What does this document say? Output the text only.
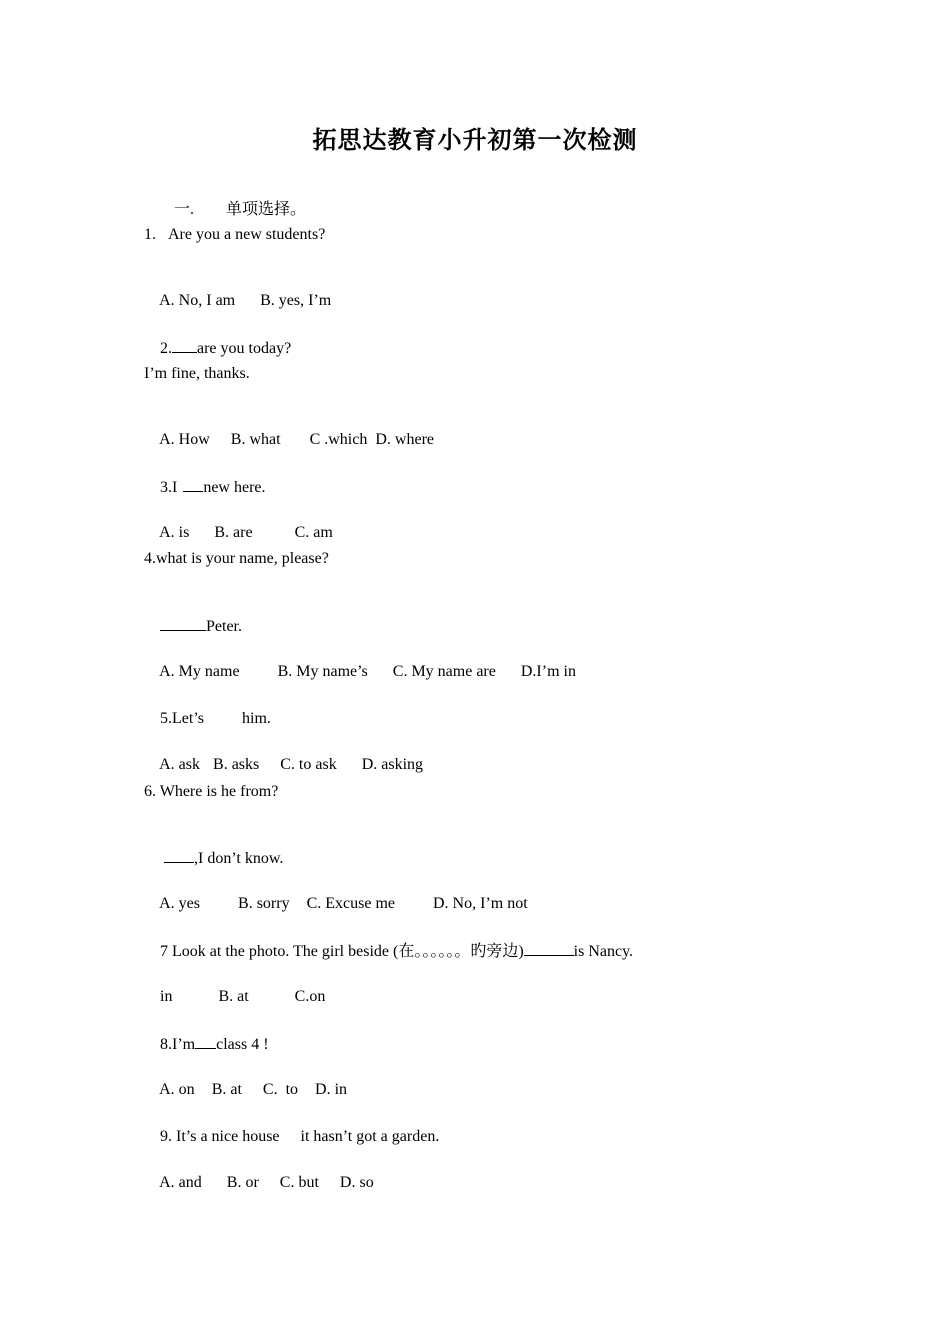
拓思达教育小升初第一次检测

一. 单项选择。

1.   Are you a new students?

A. No, I am B. yes, I’m

2. are you today?

I’m fine, thanks.

A. How B. what C .which D. where

3.I new here.

A. is B. are	C. am

4.what is your name, please?

Peter.

A. My name B. My name’s C. My name are D.I’m in

5.Let’s him.

A. ask B. asks C. to ask D. asking

6. Where is he from?

,I don’t know.

A. yes B. sorry C. Excuse me D. No, I’m not

7 Look at the photo. The girl beside (在。。。。。。旳旁边)	is Nancy.

in	B. at	C.on

8.I’m class 4 !

A. on B. at C.  to D. in

9. It’s a nice house it hasn’t got a garden.

A. and B. or C. but D. so
